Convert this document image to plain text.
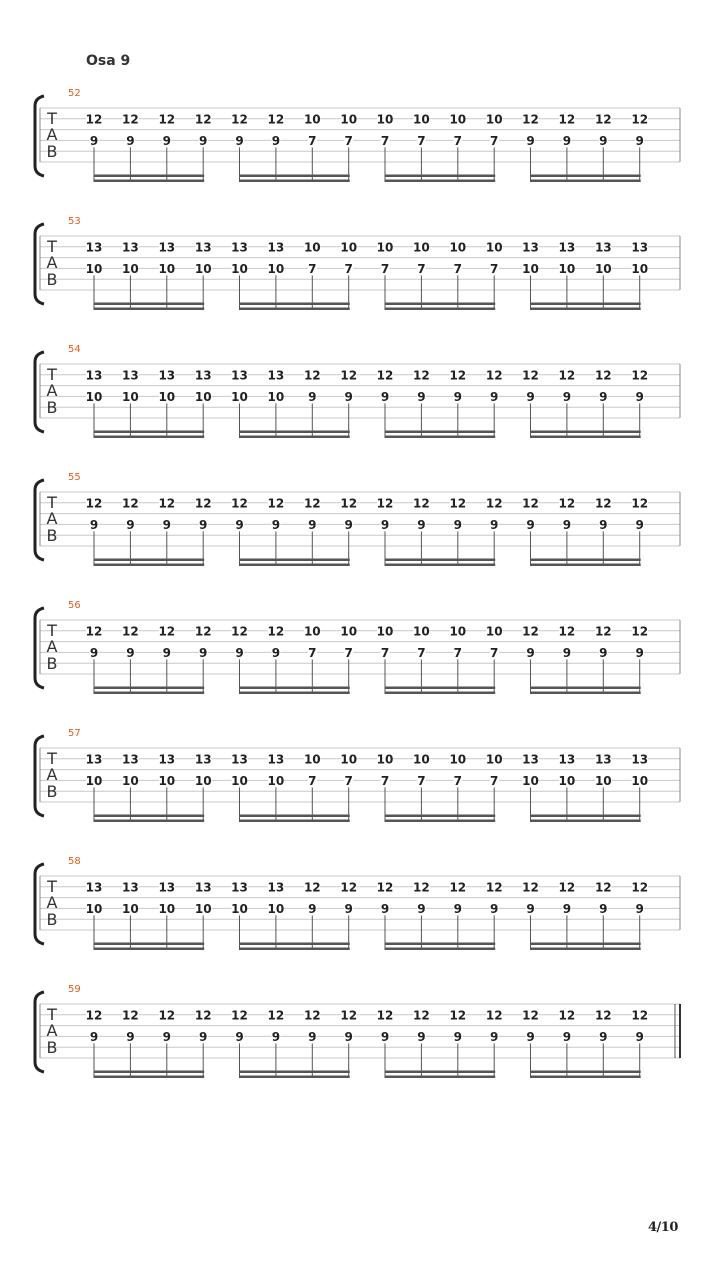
Osa 9
T
A
B
52
12 12 12 12 12 12 10 10 10 10 10 10 12 12 12 12
9 9 9 9 9 9 7 7 7 7 7 7 9 9 9 9
T
A
B
53
13 13 13 13 13 13 10 10 10 10 10 10 13 13 13 13
10 10 10 10 10 10 7 7 7 7 7 7 10 10 10 10
T
A
B
54
13 13 13 13 13 13 12 12 12 12 12 12 12 12 12 12
10 10 10 10 10 10 9 9 9 9 9 9 9 9 9 9
T
A
B
55
12 12 12 12 12 12 12 12 12 12 12 12 12 12 12 12
9 9 9 9 9 9 9 9 9 9 9 9 9 9 9 9
T
A
B
56
12 12 12 12 12 12 10 10 10 10 10 10 12 12 12 12
9 9 9 9 9 9 7 7 7 7 7 7 9 9 9 9
T
A
B
57
13 13 13 13 13 13 10 10 10 10 10 10 13 13 13 13
10 10 10 10 10 10 7 7 7 7 7 7 10 10 10 10
T
A
B
58
13 13 13 13 13 13 12 12 12 12 12 12 12 12 12 12
10 10 10 10 10 10 9 9 9 9 9 9 9 9 9 9
T
A
B
59
12 12 12 12 12 12 12 12 12 12 12 12 12 12 12 12
9 9 9 9 9 9 9 9 9 9 9 9 9 9 9 9
4/10
